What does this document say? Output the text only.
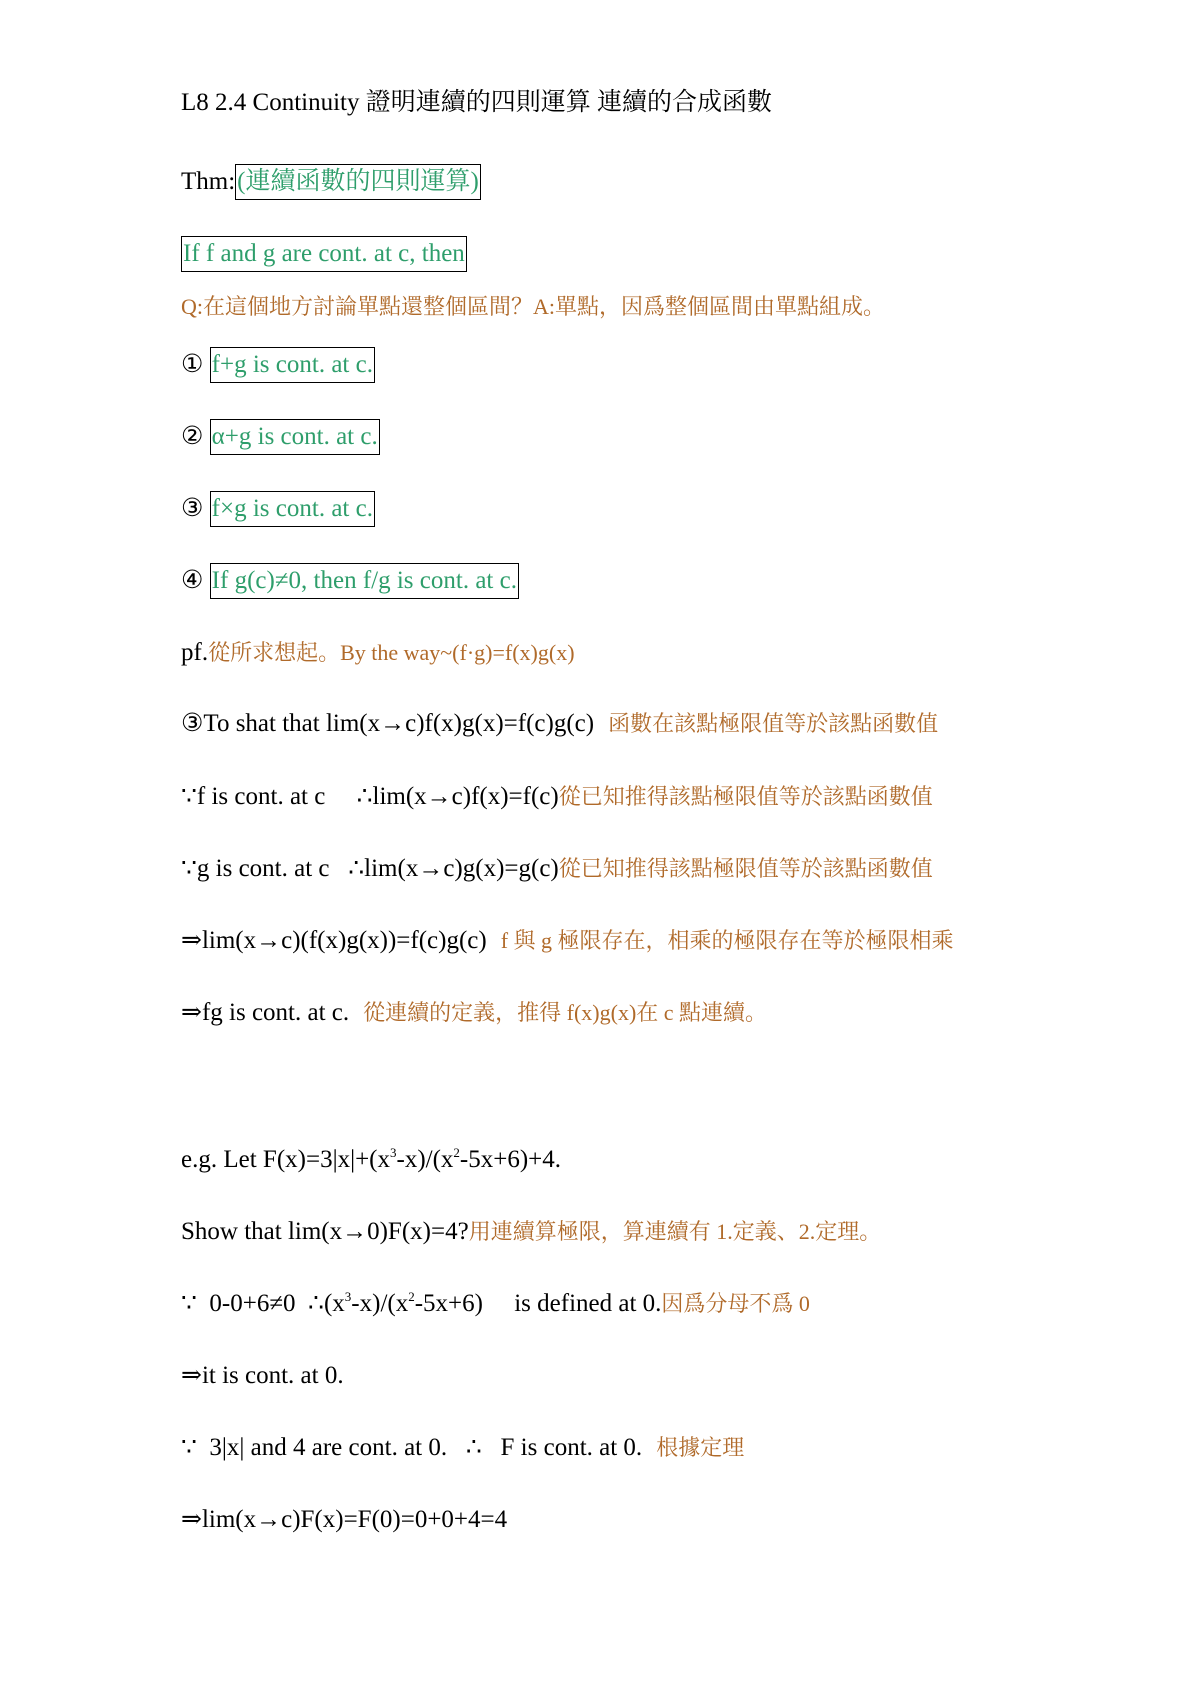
L8 2.4 Continuity 證明連續的四則運算 連續的合成函數
Thm:(連續函數的四則運算)
If f and g are cont. at c, then
Q:在這個地方討論單點還整個區間？A:單點，因爲整個區間由單點組成。
① f+g is cont. at c.
② α+g is cont. at c.
③ f×g is cont. at c.
④ If g(c)≠0, then f/g is cont. at c.
pf.從所求想起。By the way~(f·g)=f(x)g(x)
③To shat that lim(x→c)f(x)g(x)=f(c)g(c) 函數在該點極限值等於該點函數值
∵f is cont. at c     ∴lim(x→c)f(x)=f(c)從已知推得該點極限值等於該點函數值
∵g is cont. at c   ∴lim(x→c)g(x)=g(c)從已知推得該點極限值等於該點函數值
⇒lim(x→c)(f(x)g(x))=f(c)g(c) f 與 g 極限存在，相乘的極限存在等於極限相乘
⇒fg is cont. at c. 從連續的定義，推得 f(x)g(x)在 c 點連續。
e.g. Let $F(x)=3|x|+(x^3-x)/(x^2-5x+6)+4$.
Show that lim(x→0)F(x)=4?用連續算極限，算連續有 1.定義、2.定理。
∵  0-0+6≠0  $\therefore(x^3-x)/(x^2-5x+6)$     is defined at 0.因爲分母不爲 0
⇒it is cont. at 0.
∵  3|x| and 4 are cont. at 0.   ∴   F is cont. at 0. 根據定理
⇒lim(x→c)F(x)=F(0)=0+0+4=4
